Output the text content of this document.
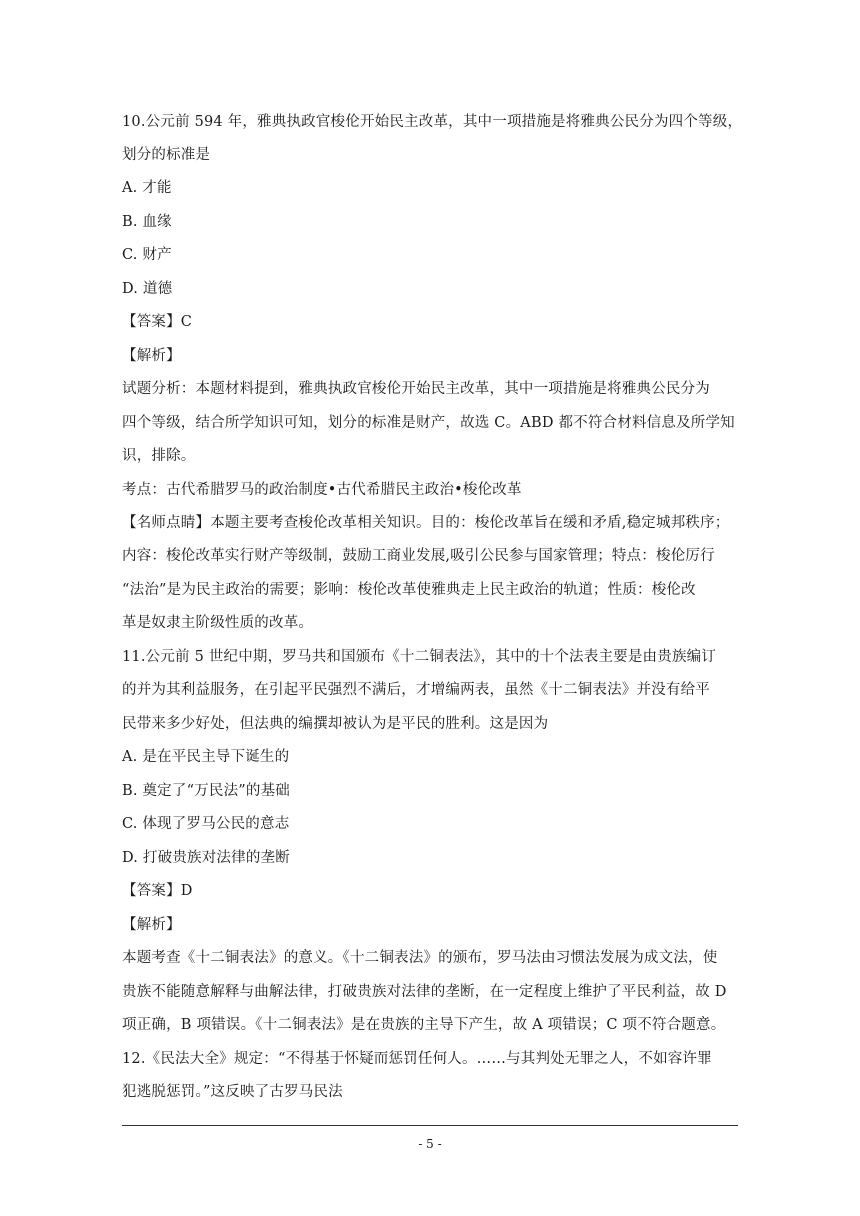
10.公元前 594 年，雅典执政官梭伦开始民主改革，其中一项措施是将雅典公民分为四个等级，
划分的标准是
A. 才能
B. 血缘
C. 财产
D. 道德
【答案】C
【解析】
试题分析：本题材料提到，雅典执政官梭伦开始民主改革，其中一项措施是将雅典公民分为
四个等级，结合所学知识可知，划分的标准是财产，故选 C。ABD 都不符合材料信息及所学知
识，排除。
考点：古代希腊罗马的政治制度•古代希腊民主政治•梭伦改革
【名师点睛】本题主要考查梭伦改革相关知识。目的：梭伦改革旨在缓和矛盾,稳定城邦秩序；
内容：梭伦改革实行财产等级制，鼓励工商业发展,吸引公民参与国家管理；特点：梭伦厉行
“法治”是为民主政治的需要；影响：梭伦改革使雅典走上民主政治的轨道；性质：梭伦改
革是奴隶主阶级性质的改革。
11.公元前 5 世纪中期，罗马共和国颁布《十二铜表法》，其中的十个法表主要是由贵族编订
的并为其利益服务，在引起平民强烈不满后，才增编两表，虽然《十二铜表法》并没有给平
民带来多少好处，但法典的编撰却被认为是平民的胜利。这是因为
A. 是在平民主导下诞生的
B. 奠定了“万民法”的基础
C. 体现了罗马公民的意志
D. 打破贵族对法律的垄断
【答案】D
【解析】
本题考查《十二铜表法》的意义。《十二铜表法》的颁布，罗马法由习惯法发展为成文法，使
贵族不能随意解释与曲解法律，打破贵族对法律的垄断，在一定程度上维护了平民利益，故 D
项正确，B 项错误。《十二铜表法》是在贵族的主导下产生，故 A 项错误；C 项不符合题意。
12.《民法大全》规定：“不得基于怀疑而惩罚任何人。……与其判处无罪之人，不如容许罪
犯逃脱惩罚。”这反映了古罗马民法
- 5 -
